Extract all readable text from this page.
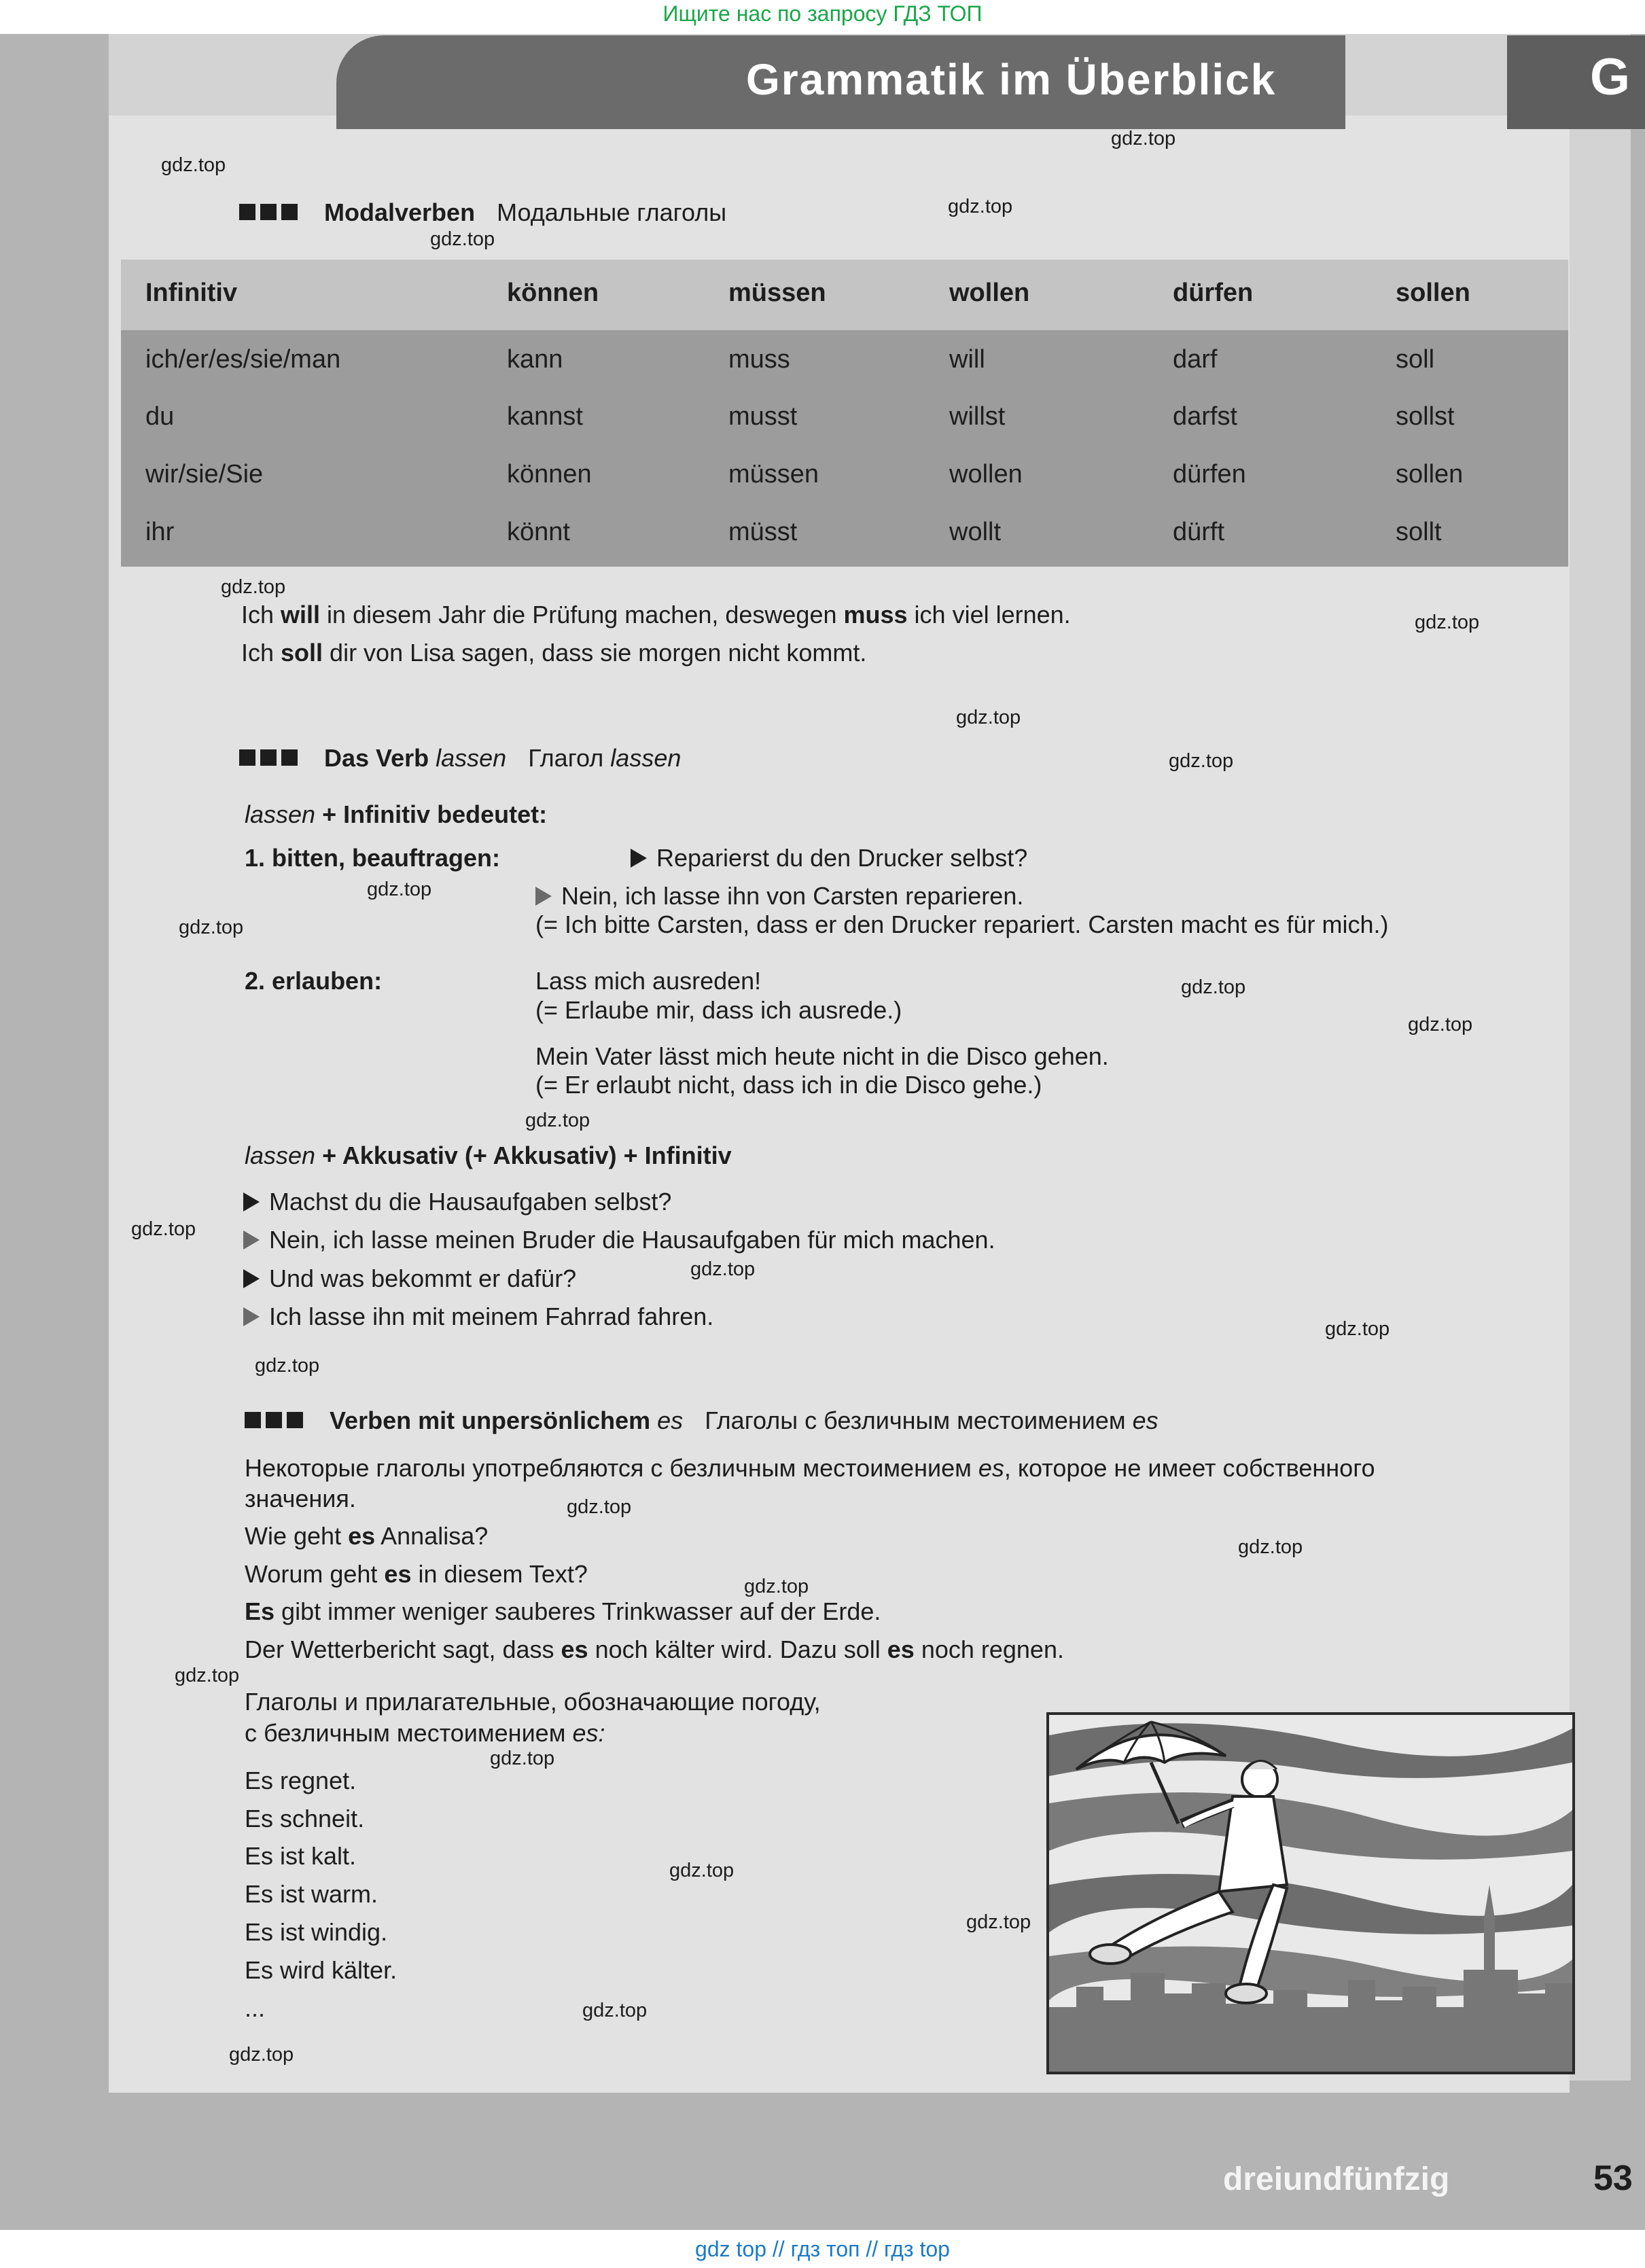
Ищите нас по запросу ГДЗ ТОП
Grammatik im Überblick	G
Modalverben Модальные глаголы
Infinitiv	können	müssen	wollen	dürfen	sollen
ich/er/es/sie/man	kann	muss	will	darf	soll
du	kannst	musst	willst	darfst	sollst
wir/sie/Sie	können	müssen	wollen	dürfen	sollen
ihr	könnt	müsst	wollt	dürft	sollt
Ich will in diesem Jahr die Prüfung machen, deswegen muss ich viel lernen.
Ich soll dir von Lisa sagen, dass sie morgen nicht kommt.
Das Verb lassen Глагол lassen
lassen + Infinitiv bedeutet:
1. bitten, beauftragen:	Reparierst du den Drucker selbst?
Nein, ich lasse ihn von Carsten reparieren.
(= Ich bitte Carsten, dass er den Drucker repariert. Carsten macht es für mich.)
2. erlauben:	Lass mich ausreden!
(= Erlaube mir, dass ich ausrede.)
Mein Vater lässt mich heute nicht in die Disco gehen.
(= Er erlaubt nicht, dass ich in die Disco gehe.)
lassen + Akkusativ (+ Akkusativ) + Infinitiv
Machst du die Hausaufgaben selbst?
Nein, ich lasse meinen Bruder die Hausaufgaben für mich machen.
Und was bekommt er dafür?
Ich lasse ihn mit meinem Fahrrad fahren.
Verben mit unpersönlichem es Глаголы с безличным местоимением es
Некоторые глаголы употребляются с безличным местоимением es, которое не имеет собственного
значения.
Wie geht es Annalisa?
Worum geht es in diesem Text?
Es gibt immer weniger sauberes Trinkwasser auf der Erde.
Der Wetterbericht sagt, dass es noch kälter wird. Dazu soll es noch regnen.
Глаголы и прилагательные, обозначающие погоду,
с безличным местоимением es:
Es regnet.
Es schneit.
Es ist kalt.
Es ist warm.
Es ist windig.
Es wird kälter.
...
gdz.top
gdz.top
gdz.top
gdz.top
gdz.top
gdz.top
gdz.top
gdz.top
gdz.top
gdz.top
gdz.top
gdz.top
gdz.top
gdz.top
gdz.top
gdz.top
gdz.top
gdz.top
gdz.top
gdz.top
gdz.top
gdz.top
gdz.top
gdz.top
gdz.top
gdz.top
dreiundfünfzig	53
gdz top // гдз топ // гдз top
